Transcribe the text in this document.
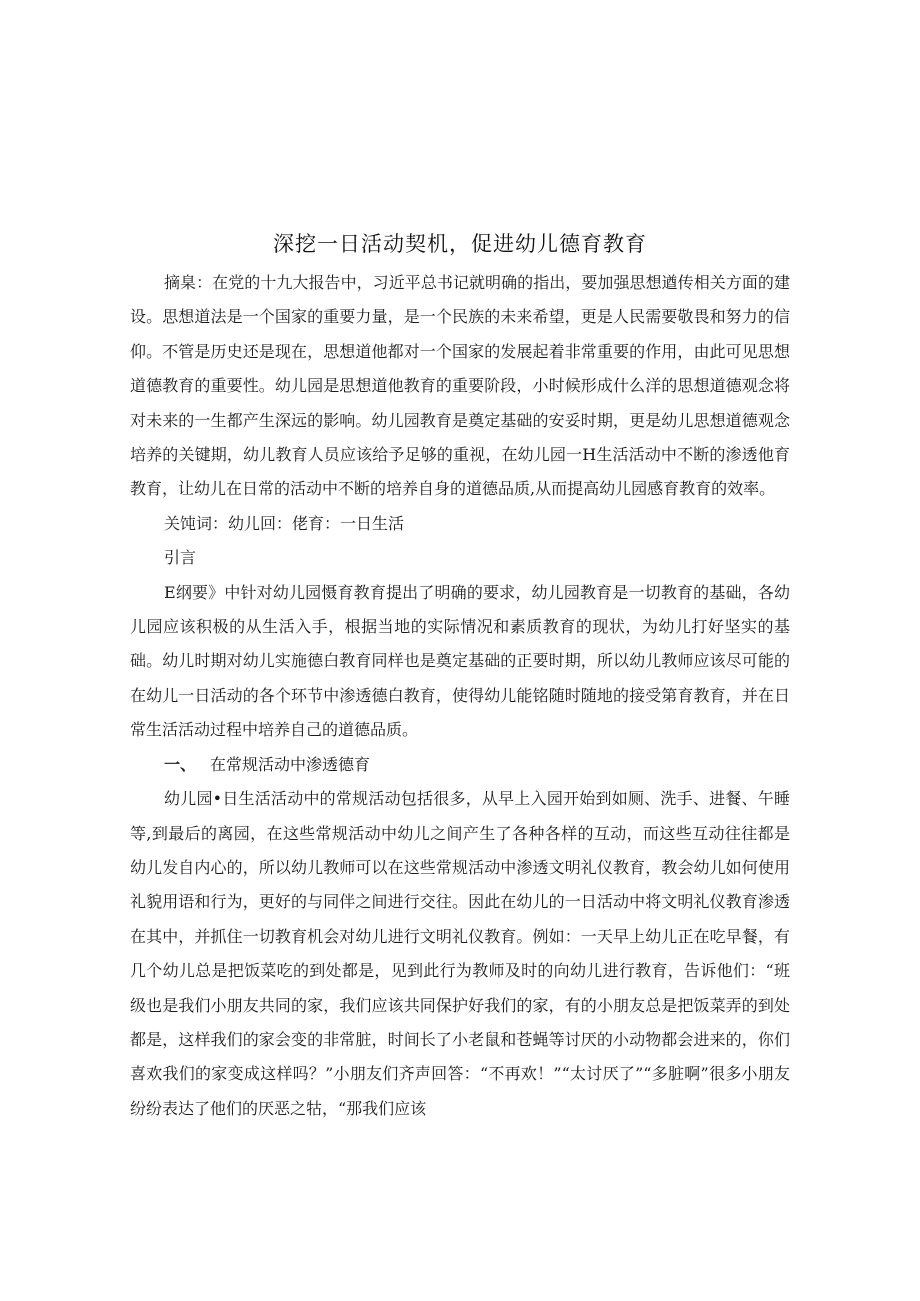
深挖一日活动契机，促进幼儿德育教育

摘臬：在党的十九大报告中，习近平总书记就明确的指出，要加强思想遒传相关方面的建设。思想道法是一个国家的重要力量，是一个民族的未来希望，更是人民需要敬畏和努力的信仰。不管是历史还是现在，思想道他都对一个国家的发展起着非常重要的作用，由此可见思想道德教育的重要性。幼儿园是思想道他教育的重要阶段，小时候形成什么洋的思想道德观念将对未来的一生都产生深远的影响。幼儿园教育是奠定基础的安妥时期，更是幼儿思想道德观念培养的关键期，幼儿教育人员应该给予足够的重视，在幼儿园一H生活活动中不断的渗透他育教育，让幼儿在日常的活动中不断的培养自身的道德品质,从而提高幼儿园感育教育的效率。

关饨词：幼儿回：佬育：一日生活

引言

E纲要》中针对幼儿园慑育教育提出了明确的要求，幼儿园教育是一切教育的基础，各幼儿园应该积极的从生活入手，根据当地的实际情况和素质教育的现状，为幼儿打好坚实的基础。幼儿时期对幼儿实施德白教育同样也是奠定基础的正要时期，所以幼儿教师应该尽可能的在幼儿一日活动的各个环节中渗透德白教育，使得幼儿能铭随时随地的接受第育教育，并在日常生活活动过程中培养自己的道德品质。

一、 在常规活动中渗透德育

幼儿园•日生活活动中的常规活动包括很多，从早上入园开始到如厕、洗手、进餐、午睡等,到最后的离园，在这些常规活动中幼儿之间产生了各种各样的互动，而这些互动往往都是幼儿发自内心的，所以幼儿教师可以在这些常规活动中渗透文明礼仪教育，教会幼儿如何使用礼貌用语和行为，更好的与同伴之间进行交往。因此在幼儿的一日活动中将文明礼仪教育渗透在其中，并抓住一切教育机会对幼儿进行文明礼仪教育。例如：一天早上幼儿正在吃早餐，有几个幼儿总是把饭菜吃的到处都是，见到此行为教师及时的向幼儿进行教育，告诉他们：“班级也是我们小朋友共同的家，我们应该共同保护好我们的家，有的小朋友总是把饭菜弄的到处都是，这样我们的家会变的非常脏，时间长了小老鼠和苍蝇等讨厌的小动物都会进来的，你们喜欢我们的家变成这样吗？”小朋友们齐声回答：“不再欢！”“太讨厌了”“多脏啊”很多小朋友纷纷表达了他们的厌恶之牯，“那我们应该
